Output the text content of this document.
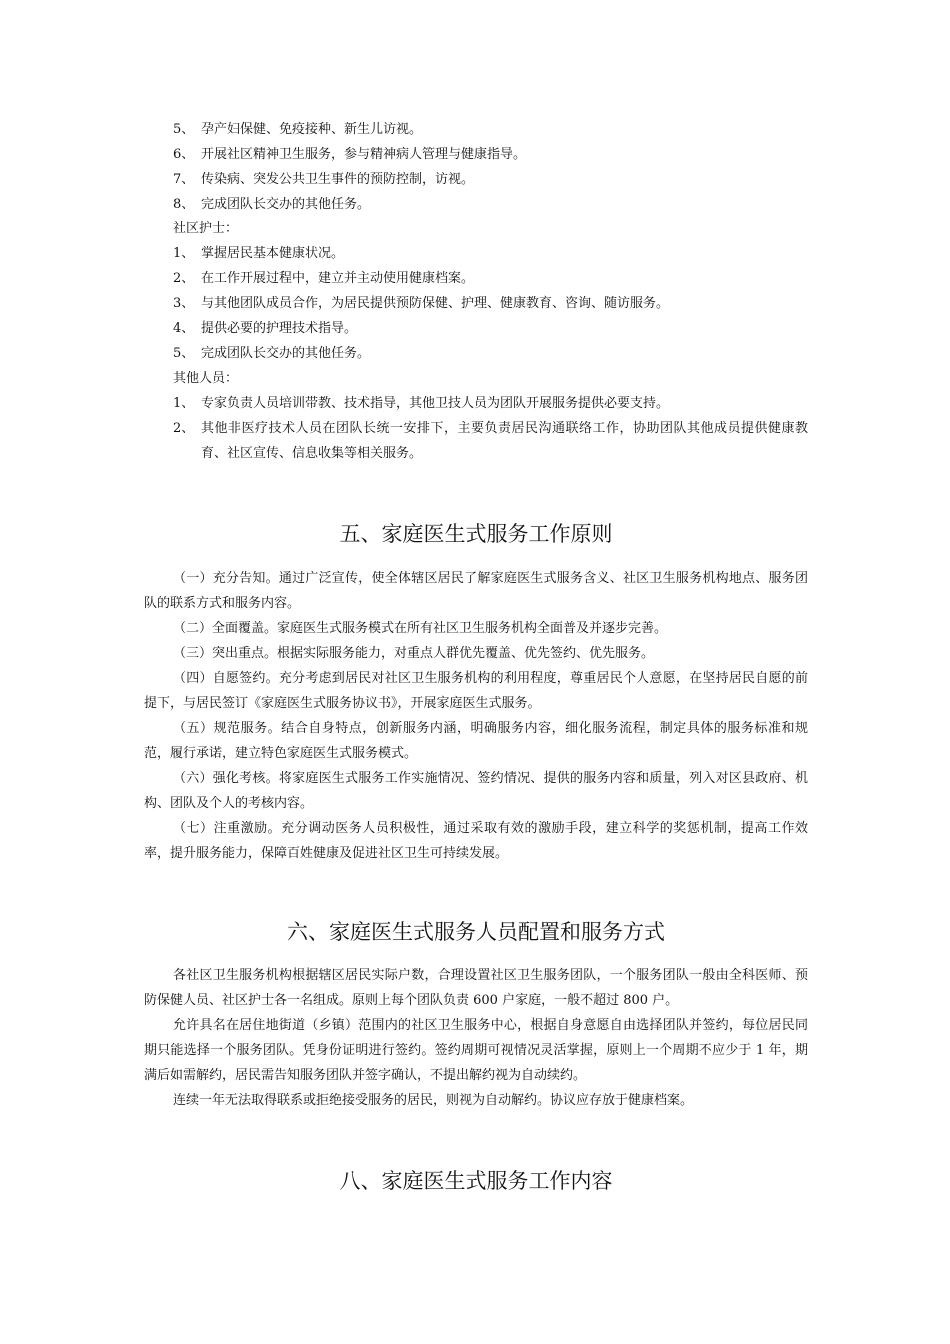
5、 孕产妇保健、免疫接种、新生儿访视。
6、 开展社区精神卫生服务，参与精神病人管理与健康指导。
7、 传染病、突发公共卫生事件的预防控制，访视。
8、 完成团队长交办的其他任务。
社区护士：
1、 掌握居民基本健康状况。
2、 在工作开展过程中，建立并主动使用健康档案。
3、 与其他团队成员合作，为居民提供预防保健、护理、健康教育、咨询、随访服务。
4、 提供必要的护理技术指导。
5、 完成团队长交办的其他任务。
其他人员：
1、 专家负责人员培训带教、技术指导，其他卫技人员为团队开展服务提供必要支持。
2、 其他非医疗技术人员在团队长统一安排下，主要负责居民沟通联络工作，协助团队其他成员提供健康教育、社区宣传、信息收集等相关服务。

五、家庭医生式服务工作原则

（一）充分告知。通过广泛宣传，使全体辖区居民了解家庭医生式服务含义、社区卫生服务机构地点、服务团队的联系方式和服务内容。

（二）全面覆盖。家庭医生式服务模式在所有社区卫生服务机构全面普及并逐步完善。

（三）突出重点。根据实际服务能力，对重点人群优先覆盖、优先签约、优先服务。

（四）自愿签约。充分考虑到居民对社区卫生服务机构的利用程度，尊重居民个人意愿，在坚持居民自愿的前提下，与居民签订《家庭医生式服务协议书》，开展家庭医生式服务。

（五）规范服务。结合自身特点，创新服务内涵，明确服务内容，细化服务流程，制定具体的服务标准和规范，履行承诺，建立特色家庭医生式服务模式。

（六）强化考核。将家庭医生式服务工作实施情况、签约情况、提供的服务内容和质量，列入对区县政府、机构、团队及个人的考核内容。

（七）注重激励。充分调动医务人员积极性，通过采取有效的激励手段，建立科学的奖惩机制，提高工作效率，提升服务能力，保障百姓健康及促进社区卫生可持续发展。

六、家庭医生式服务人员配置和服务方式

各社区卫生服务机构根据辖区居民实际户数，合理设置社区卫生服务团队，一个服务团队一般由全科医师、预防保健人员、社区护士各一名组成。原则上每个团队负责 600 户家庭，一般不超过 800 户。

允许具名在居住地街道（乡镇）范围内的社区卫生服务中心，根据自身意愿自由选择团队并签约，每位居民同期只能选择一个服务团队。凭身份证明进行签约。签约周期可视情况灵活掌握，原则上一个周期不应少于 1 年，期满后如需解约，居民需告知服务团队并签字确认，不提出解约视为自动续约。

连续一年无法取得联系或拒绝接受服务的居民，则视为自动解约。协议应存放于健康档案。

八、家庭医生式服务工作内容
